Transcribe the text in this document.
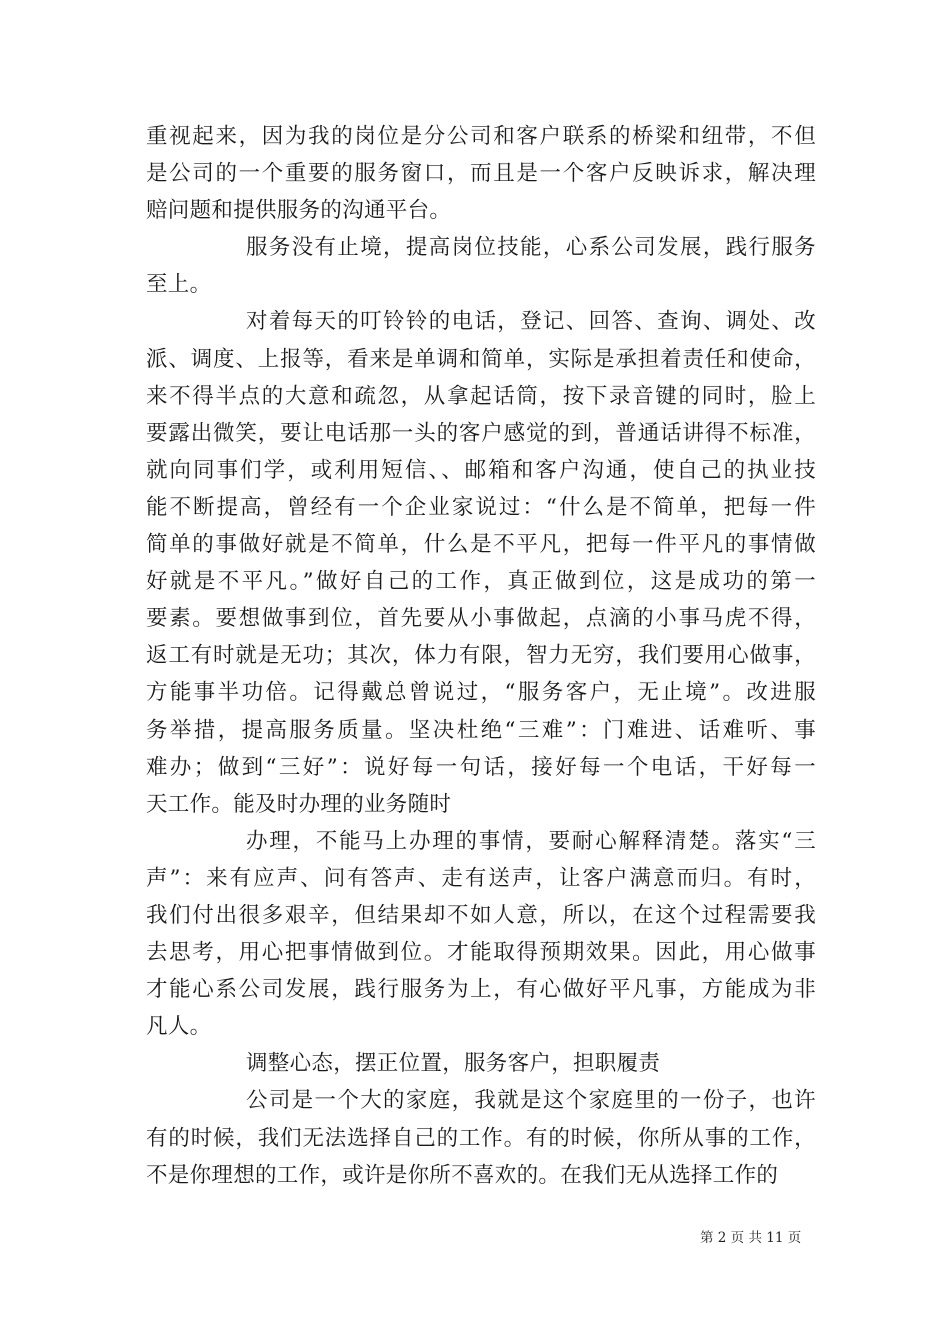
重视起来，因为我的岗位是分公司和客户联系的桥梁和纽带，不但
是公司的一个重要的服务窗口，而且是一个客户反映诉求，解决理
赔问题和提供服务的沟通平台。
服务没有止境，提高岗位技能，心系公司发展，践行服务
至上。
对着每天的叮铃铃的电话，登记、回答、查询、调处、改
派、调度、上报等，看来是单调和简单，实际是承担着责任和使命，
来不得半点的大意和疏忽，从拿起话筒，按下录音键的同时，脸上
要露出微笑，要让电话那一头的客户感觉的到，普通话讲得不标准，
就向同事们学，或利用短信、、邮箱和客户沟通，使自己的执业技
能不断提高，曾经有一个企业家说过：“什么是不简单，把每一件
简单的事做好就是不简单，什么是不平凡，把每一件平凡的事情做
好就是不平凡。”做好自己的工作，真正做到位，这是成功的第一
要素。要想做事到位，首先要从小事做起，点滴的小事马虎不得，
返工有时就是无功；其次，体力有限，智力无穷，我们要用心做事，
方能事半功倍。记得戴总曾说过，“服务客户，无止境”。改进服
务举措，提高服务质量。坚决杜绝“三难”：门难进、话难听、事
难办；做到“三好”：说好每一句话，接好每一个电话，干好每一
天工作。能及时办理的业务随时
办理，不能马上办理的事情，要耐心解释清楚。落实“三
声”：来有应声、问有答声、走有送声，让客户满意而归。有时，
我们付出很多艰辛，但结果却不如人意，所以，在这个过程需要我
去思考，用心把事情做到位。才能取得预期效果。因此，用心做事
才能心系公司发展，践行服务为上，有心做好平凡事，方能成为非
凡人。
调整心态，摆正位置，服务客户，担职履责
公司是一个大的家庭，我就是这个家庭里的一份子，也许
有的时候，我们无法选择自己的工作。有的时候，你所从事的工作，
不是你理想的工作，或许是你所不喜欢的。在我们无从选择工作的
第 2 页 共 11 页
